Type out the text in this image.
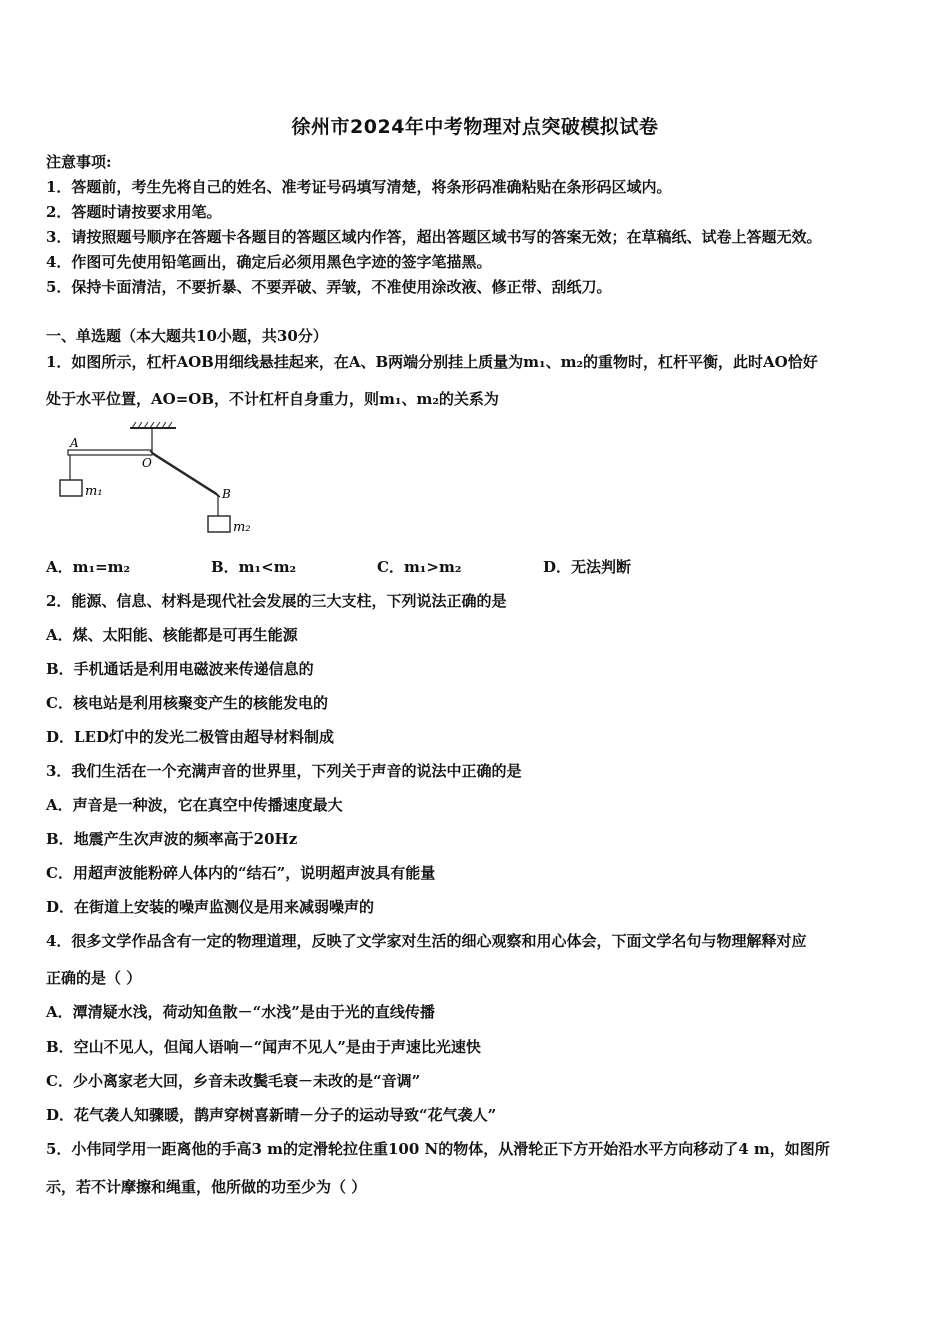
徐州市2024年中考物理对点突破模拟试卷
注意事项:
1．答题前，考生先将自己的姓名、准考证号码填写清楚，将条形码准确粘贴在条形码区域内。
2．答题时请按要求用笔。
3．请按照题号顺序在答题卡各题目的答题区域内作答，超出答题区域书写的答案无效；在草稿纸、试卷上答题无效。
4．作图可先使用铅笔画出，确定后必须用黑色字迹的签字笔描黑。
5．保持卡面清洁，不要折暴、不要弄破、弄皱，不准使用涂改液、修正带、刮纸刀。
一、单选题（本大题共10小题，共30分）
1．如图所示，杠杆AOB用细线悬挂起来，在A、B两端分别挂上质量为m₁、m₂的重物时，杠杆平衡，此时AO恰好
处于水平位置，AO=OB，不计杠杆自身重力，则m₁、m₂的关系为
A
O
B
m₁
m₂
A．m₁=m₂	B．m₁<m₂	C．m₁>m₂	D．无法判断
2．能源、信息、材料是现代社会发展的三大支柱，下列说法正确的是
A．煤、太阳能、核能都是可再生能源
B．手机通话是利用电磁波来传递信息的
C．核电站是利用核聚变产生的核能发电的
D．LED灯中的发光二极管由超导材料制成
3．我们生活在一个充满声音的世界里，下列关于声音的说法中正确的是
A．声音是一种波，它在真空中传播速度最大
B．地震产生次声波的频率高于20Hz
C．用超声波能粉碎人体内的“结石”，说明超声波具有能量
D．在街道上安装的噪声监测仪是用来减弱噪声的
4．很多文学作品含有一定的物理道理，反映了文学家对生活的细心观察和用心体会，下面文学名句与物理解释对应
正确的是（ ）
A．潭清疑水浅，荷动知鱼散－“水浅”是由于光的直线传播
B．空山不见人，但闻人语响－“闻声不见人”是由于声速比光速快
C．少小离家老大回，乡音未改鬓毛衰－未改的是“音调”
D．花气袭人知骤暖，鹊声穿树喜新晴－分子的运动导致“花气袭人”
5．小伟同学用一距离他的手高3 m的定滑轮拉住重100 N的物体，从滑轮正下方开始沿水平方向移动了4 m，如图所
示，若不计摩擦和绳重，他所做的功至少为（ ）
